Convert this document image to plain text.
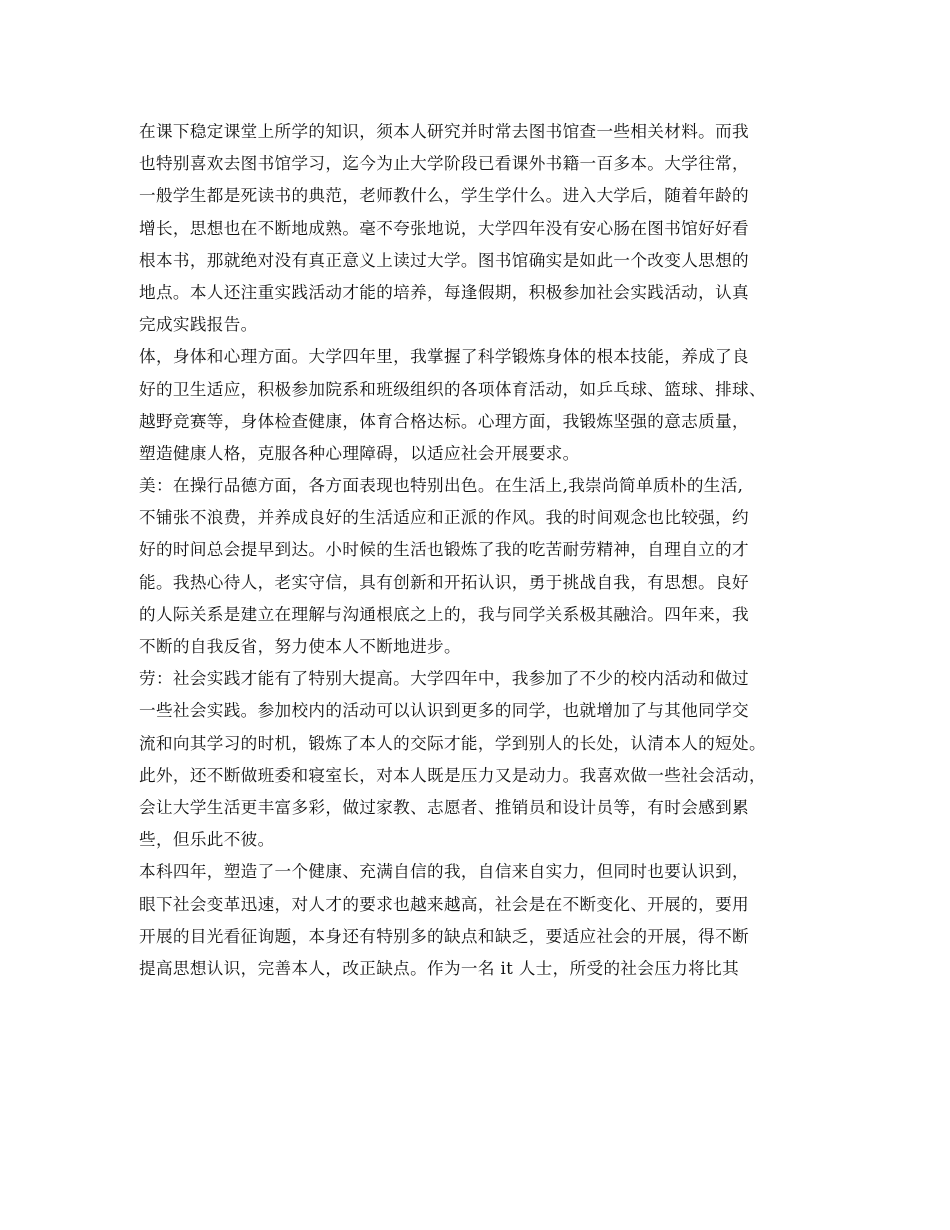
在课下稳定课堂上所学的知识，须本人研究并时常去图书馆查一些相关材料。而我
也特别喜欢去图书馆学习，迄今为止大学阶段已看课外书籍一百多本。大学往常，
一般学生都是死读书的典范，老师教什么，学生学什么。进入大学后，随着年龄的
增长，思想也在不断地成熟。毫不夸张地说，大学四年没有安心肠在图书馆好好看
根本书，那就绝对没有真正意义上读过大学。图书馆确实是如此一个改变人思想的
地点。本人还注重实践活动才能的培养，每逢假期，积极参加社会实践活动，认真
完成实践报告。
体，身体和心理方面。大学四年里，我掌握了科学锻炼身体的根本技能，养成了良
好的卫生适应，积极参加院系和班级组织的各项体育活动，如乒乓球、篮球、排球、
越野竞赛等，身体检查健康，体育合格达标。心理方面，我锻炼坚强的意志质量，
塑造健康人格，克服各种心理障碍，以适应社会开展要求。
美：在操行品德方面，各方面表现也特别出色。在生活上,我崇尚简单质朴的生活,
不铺张不浪费，并养成良好的生活适应和正派的作风。我的时间观念也比较强，约
好的时间总会提早到达。小时候的生活也锻炼了我的吃苦耐劳精神，自理自立的才
能。我热心待人，老实守信，具有创新和开拓认识，勇于挑战自我，有思想。良好
的人际关系是建立在理解与沟通根底之上的，我与同学关系极其融洽。四年来，我
不断的自我反省，努力使本人不断地进步。
劳：社会实践才能有了特别大提高。大学四年中，我参加了不少的校内活动和做过
一些社会实践。参加校内的活动可以认识到更多的同学，也就增加了与其他同学交
流和向其学习的时机，锻炼了本人的交际才能，学到别人的长处，认清本人的短处。
此外，还不断做班委和寝室长，对本人既是压力又是动力。我喜欢做一些社会活动，
会让大学生活更丰富多彩，做过家教、志愿者、推销员和设计员等，有时会感到累
些，但乐此不彼。
本科四年，塑造了一个健康、充满自信的我，自信来自实力，但同时也要认识到，
眼下社会变革迅速，对人才的要求也越来越高，社会是在不断变化、开展的，要用
开展的目光看征询题，本身还有特别多的缺点和缺乏，要适应社会的开展，得不断
提高思想认识，完善本人，改正缺点。作为一名 it 人士，所受的社会压力将比其
